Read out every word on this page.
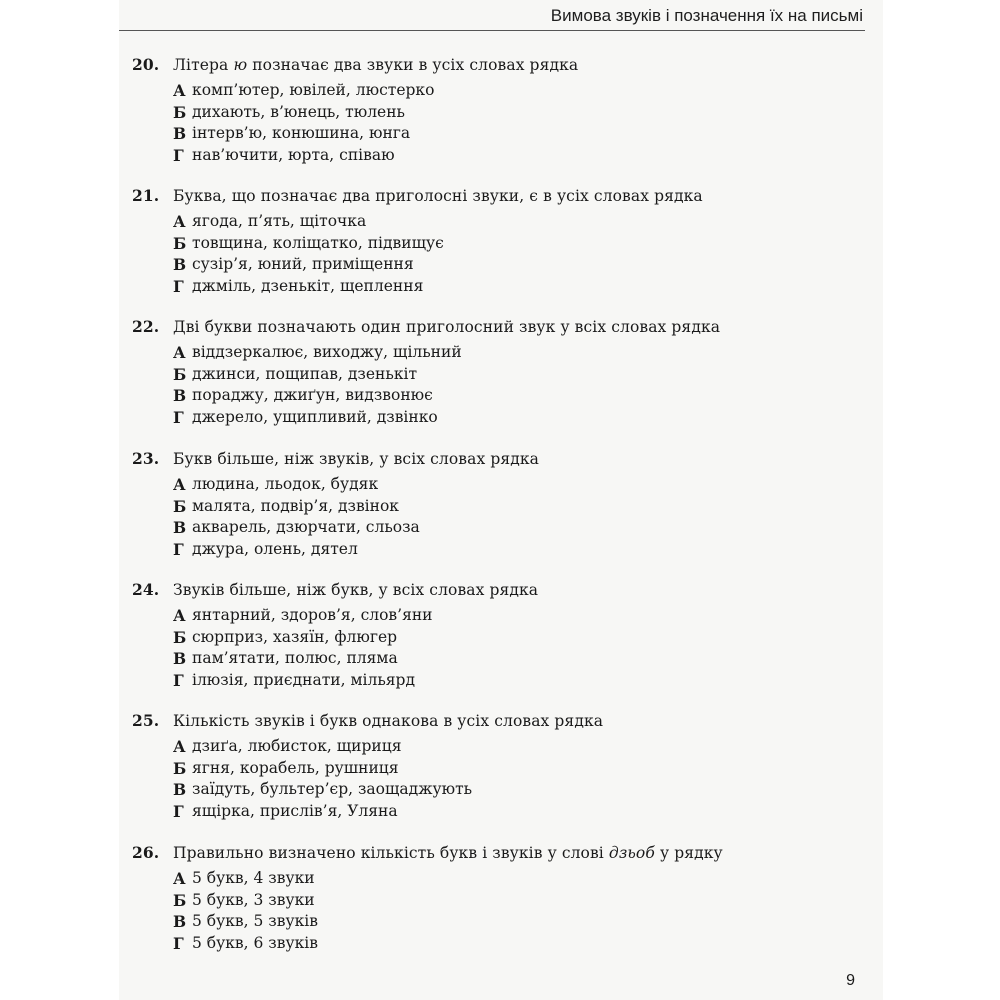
Вимова звуків і позначення їх на письмі
20. Літера ю позначає два звуки в усіх словах рядка
А комп’ютер, ювілей, люстерко
Б дихають, в’юнець, тюлень
В інтерв’ю, конюшина, юнга
Г нав’ючити, юрта, співаю
21. Буква, що позначає два приголосні звуки, є в усіх словах рядка
А ягода, п’ять, щіточка
Б товщина, коліщатко, підвищує
В сузір’я, юний, приміщення
Г джміль, дзенькіт, щеплення
22. Дві букви позначають один приголосний звук у всіх словах рядка
А віддзеркалює, виходжу, щільний
Б джинси, пощипав, дзенькіт
В пораджу, джиґун, видзвонює
Г джерело, ущипливий, дзвінко
23. Букв більше, ніж звуків, у всіх словах рядка
А людина, льодок, будяк
Б малята, подвір’я, дзвінок
В акварель, дзюрчати, сльоза
Г джура, олень, дятел
24. Звуків більше, ніж букв, у всіх словах рядка
А янтарний, здоров’я, слов’яни
Б сюрприз, хазяїн, флюгер
В пам’ятати, полюс, пляма
Г ілюзія, приєднати, мільярд
25. Кількість звуків і букв однакова в усіх словах рядка
А дзиґа, любисток, щириця
Б ягня, корабель, рушниця
В заїдуть, бультер’єр, заощаджують
Г ящірка, прислів’я, Уляна
26. Правильно визначено кількість букв і звуків у слові дзьоб у рядку
А 5 букв, 4 звуки
Б 5 букв, 3 звуки
В 5 букв, 5 звуків
Г 5 букв, 6 звуків
9
